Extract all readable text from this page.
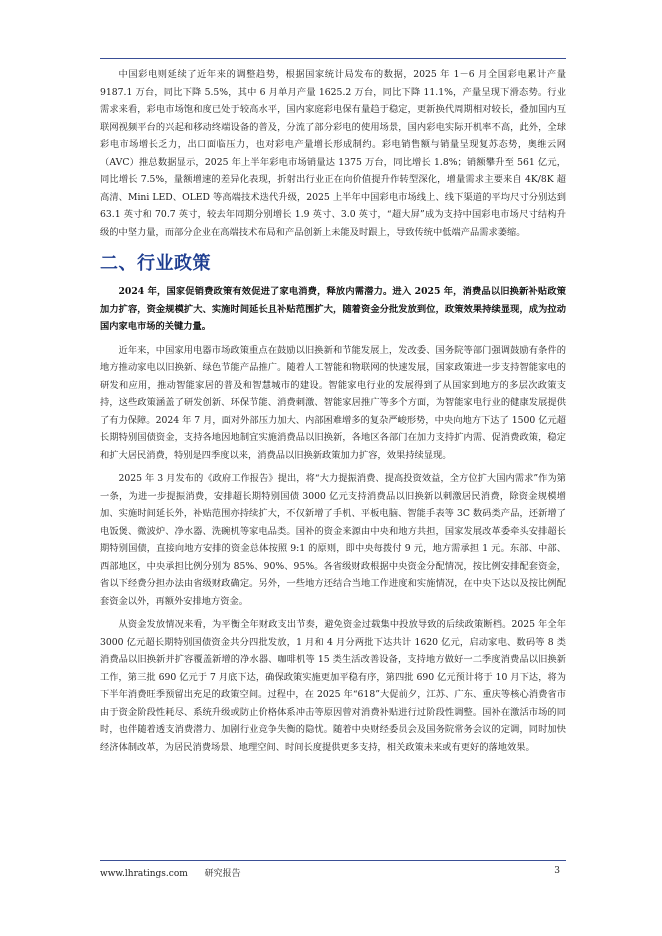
中国彩电则延续了近年来的调整趋势，根据国家统计局发布的数据，2025 年 1－6 月全国彩电累计产量 9187.1 万台，同比下降 5.5%，其中 6 月单月产量 1625.2 万台，同比下降 11.1%，产量呈现下滑态势。行业需求来看，彩电市场饱和度已处于较高水平，国内家庭彩电保有量趋于稳定，更新换代周期相对较长，叠加国内互联网视频平台的兴起和移动终端设备的普及，分流了部分彩电的使用场景，国内彩电实际开机率不高，此外，全球彩电市场增长乏力，出口面临压力，也对彩电产量增长形成制约。彩电销售额与销量呈现复苏态势，奥维云网（AVC）推总数据显示，2025 年上半年彩电市场销量达 1375 万台，同比增长 1.8%；销额攀升至 561 亿元，同比增长 7.5%，量额增速的差异化表现，折射出行业正在向价值提升作转型深化，增量需求主要来自 4K/8K 超高清、Mini LED、OLED 等高端技术迭代升级，2025 上半年中国彩电市场线上、线下渠道的平均尺寸分别达到 63.1 英寸和 70.7 英寸，较去年同期分别增长 1.9 英寸、3.0 英寸，“超大屏”成为支持中国彩电市场尺寸结构升级的中坚力量，而部分企业在高端技术布局和产品创新上未能及时跟上，导致传统中低端产品需求萎缩。

二、行业政策

2024 年，国家促销费政策有效促进了家电消费，释放内需潜力。进入 2025 年，消费品以旧换新补贴政策加力扩容，资金规模扩大、实施时间延长且补贴范围扩大，随着资金分批发放到位，政策效果持续显现，成为拉动国内家电市场的关键力量。

近年来，中国家用电器市场政策重点在鼓励以旧换新和节能发展上，发改委、国务院等部门强调鼓励有条件的地方推动家电以旧换新、绿色节能产品推广。随着人工智能和物联网的快速发展，国家政策进一步支持智能家电的研发和应用，推动智能家居的普及和智慧城市的建设。智能家电行业的发展得到了从国家到地方的多层次政策支持，这些政策涵盖了研发创新、环保节能、消费刺激、智能家居推广等多个方面，为智能家电行业的健康发展提供了有力保障。2024 年 7 月，面对外部压力加大、内部困难增多的复杂严峻形势，中央向地方下达了 1500 亿元超长期特别国债资金，支持各地因地制宜实施消费品以旧换新，各地区各部门在加力支持扩内需、促消费政策，稳定和扩大居民消费，特别是四季度以来，消费品以旧换新政策加力扩容，效果持续显现。

2025 年 3 月发布的《政府工作报告》提出，将“大力提振消费、提高投资效益，全方位扩大国内需求”作为第一条，为进一步提振消费，安排超长期特别国债 3000 亿元支持消费品以旧换新以刺激居民消费，除资金规模增加、实施时间延长外，补贴范围亦持续扩大，不仅新增了手机、平板电脑、智能手表等 3C 数码类产品，还新增了电饭煲、微波炉、净水器、洗碗机等家电品类。国补的资金来源由中央和地方共担，国家发展改革委牵头安排超长期特别国债，直接向地方安排的资金总体按照 9:1 的原则，即中央每拨付 9 元，地方需承担 1 元。东部、中部、西部地区，中央承担比例分别为 85%、90%、95%。各省级财政根据中央资金分配情况，按比例安排配套资金，省以下经费分担办法由省级财政确定。另外，一些地方还结合当地工作进度和实施情况，在中央下达以及按比例配套资金以外，再额外安排地方资金。

从资金发放情况来看，为平衡全年财政支出节奏，避免资金过载集中投放导致的后续政策断档。2025 年全年 3000 亿元超长期特别国债资金共分四批发放，1 月和 4 月分两批下达共计 1620 亿元，启动家电、数码等 8 类消费品以旧换新并扩容覆盖新增的净水器、咖啡机等 15 类生活改善设备，支持地方做好一二季度消费品以旧换新工作，第三批 690 亿元于 7 月底下达，确保政策实施更加平稳有序，第四批 690 亿元预计将于 10 月下达，将为下半年消费旺季预留出充足的政策空间。过程中，在 2025 年“618”大促前夕，江苏、广东、重庆等核心消费省市由于资金阶段性耗尽、系统升级或防止价格体系冲击等原因曾对消费补贴进行过阶段性调整。国补在激活市场的同时，也伴随着透支消费潜力、加剧行业竞争失衡的隐忧。随着中央财经委员会及国务院常务会议的定调，同时加快经济体制改革，为居民消费场景、地理空间、时间长度提供更多支持，相关政策未来或有更好的落地效果。

www.lhratings.com 研究报告	3
